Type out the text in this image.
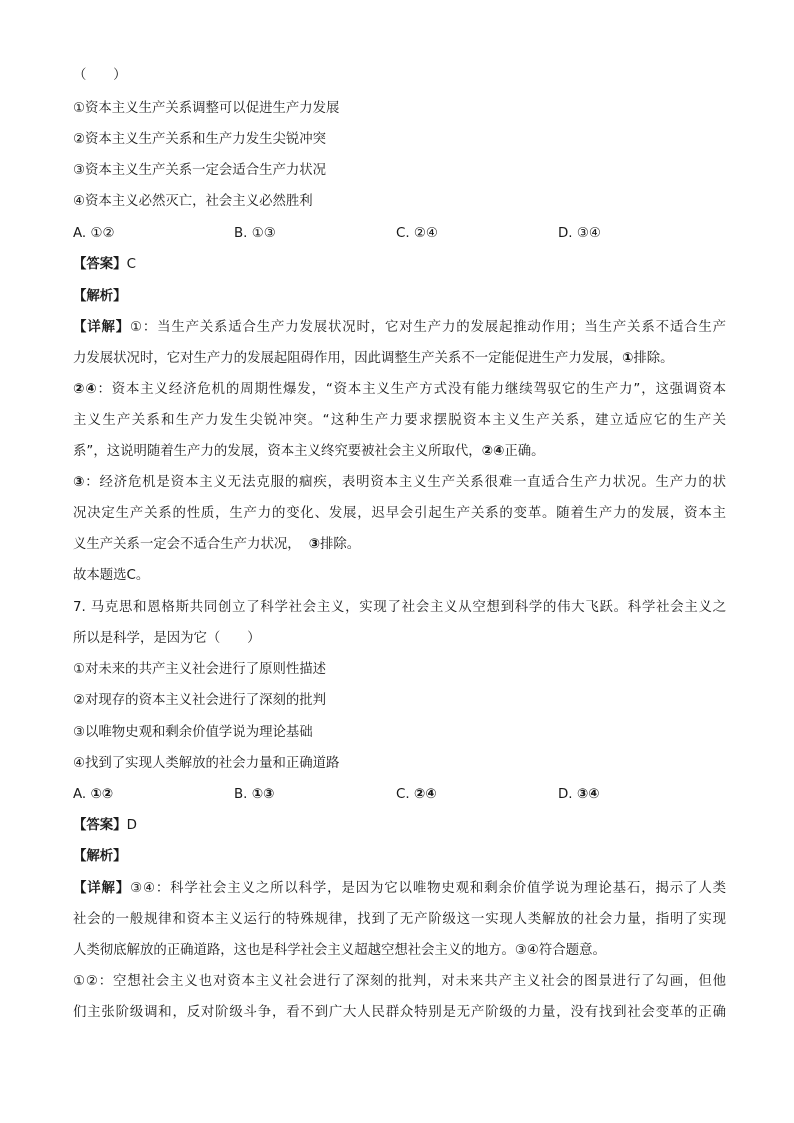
（　　）
①资本主义生产关系调整可以促进生产力发展
②资本主义生产关系和生产力发生尖锐冲突
③资本主义生产关系一定会适合生产力状况
④资本主义必然灭亡，社会主义必然胜利
A. ①②	B. ①③	C. ②④	D. ③④
【答案】C
【解析】
【详解】①：当生产关系适合生产力发展状况时，它对生产力的发展起推动作用；当生产关系不适合生产
力发展状况时，它对生产力的发展起阻碍作用，因此调整生产关系不一定能促进生产力发展，①排除。
②④：资本主义经济危机的周期性爆发，“资本主义生产方式没有能力继续驾驭它的生产力”，这强调资本
主义生产关系和生产力发生尖锐冲突。“这种生产力要求摆脱资本主义生产关系，建立适应它的生产关
系”，这说明随着生产力的发展，资本主义终究要被社会主义所取代，②④正确。
③：经济危机是资本主义无法克服的痼疾，表明资本主义生产关系很难一直适合生产力状况。生产力的状
况决定生产关系的性质，生产力的变化、发展，迟早会引起生产关系的变革。随着生产力的发展，资本主
义生产关系一定会不适合生产力状况， ③排除。
故本题选C。
7. 马克思和恩格斯共同创立了科学社会主义，实现了社会主义从空想到科学的伟大飞跃。科学社会主义之
所以是科学，是因为它（　　）
①对未来的共产主义社会进行了原则性描述
②对现存的资本主义社会进行了深刻的批判
③以唯物史观和剩余价值学说为理论基础
④找到了实现人类解放的社会力量和正确道路
A. ①②	B. ①③	C. ②④	D. ③④
【答案】D
【解析】
【详解】③④：科学社会主义之所以科学，是因为它以唯物史观和剩余价值学说为理论基石，揭示了人类
社会的一般规律和资本主义运行的特殊规律，找到了无产阶级这一实现人类解放的社会力量，指明了实现
人类彻底解放的正确道路，这也是科学社会主义超越空想社会主义的地方。③④符合题意。
①②：空想社会主义也对资本主义社会进行了深刻的批判，对未来共产主义社会的图景进行了勾画，但他
们主张阶级调和，反对阶级斗争，看不到广大人民群众特别是无产阶级的力量，没有找到社会变革的正确
